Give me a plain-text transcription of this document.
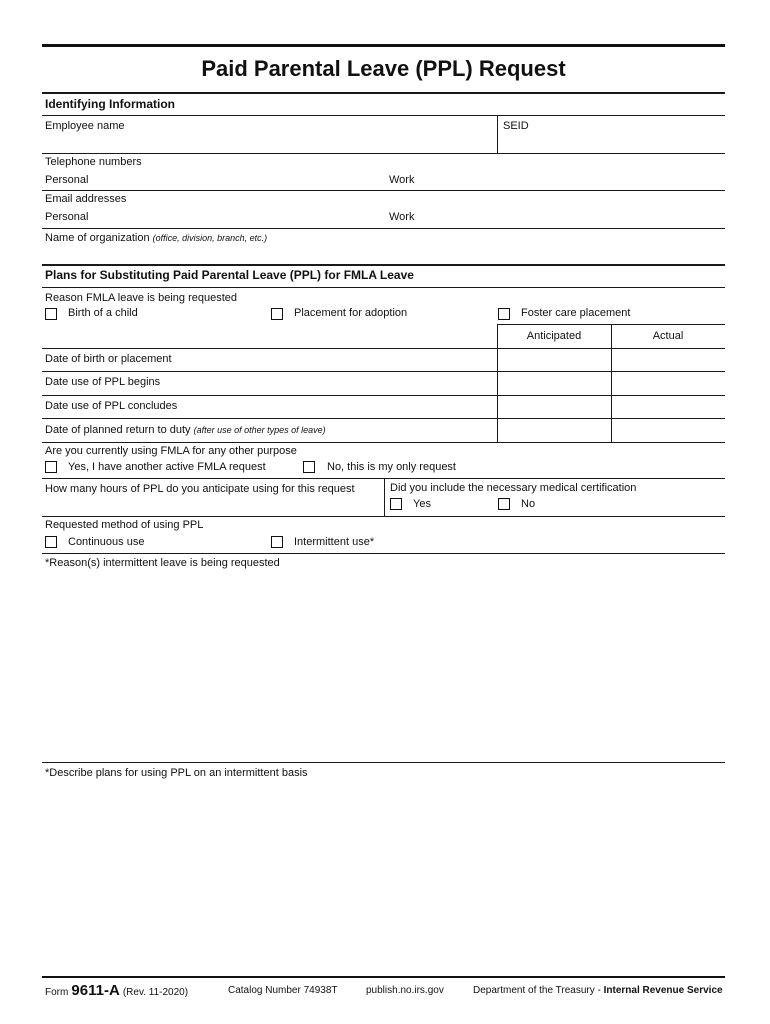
Paid Parental Leave (PPL) Request
Identifying Information
Employee name	SEID
Telephone numbers
Personal	Work
Email addresses
Personal	Work
Name of organization (office, division, branch, etc.)
Plans for Substituting Paid Parental Leave (PPL) for FMLA Leave
Reason FMLA leave is being requested
Birth of a child	Placement for adoption	Foster care placement
Anticipated	Actual
Date of birth or placement
Date use of PPL begins
Date use of PPL concludes
Date of planned return to duty (after use of other types of leave)
Are you currently using FMLA for any other purpose
Yes, I have another active FMLA request	No, this is my only request
How many hours of PPL do you anticipate using for this request	Did you include the necessary medical certification
Yes	No
Requested method of using PPL
Continuous use	Intermittent use*
*Reason(s) intermittent leave is being requested
*Describe plans for using PPL on an intermittent basis
Form 9611-A (Rev. 11-2020)	Catalog Number 74938T	publish.no.irs.gov	Department of the Treasury - Internal Revenue Service
